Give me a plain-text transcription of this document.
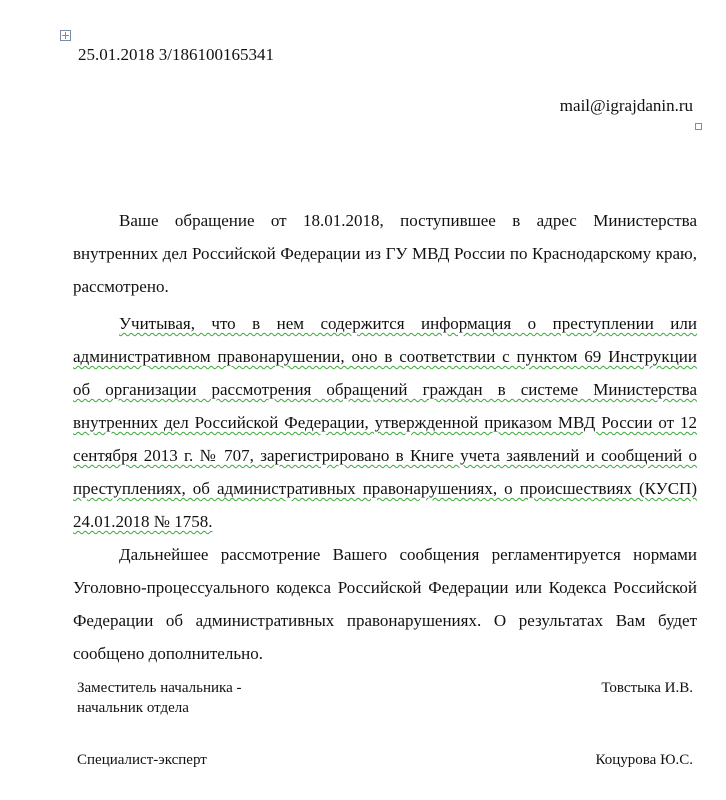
25.01.2018 3/186100165341
mail@igrajdanin.ru

Ваше обращение от 18.01.2018, поступившее в адрес Министерства внутренних дел Российской Федерации из ГУ МВД России по Краснодарскому краю, рассмотрено.

Учитывая, что в нем содержится информация о преступлении или административном правонарушении, оно в соответствии с пунктом 69 Инструкции об организации рассмотрения обращений граждан в системе Министерства внутренних дел Российской Федерации, утвержденной приказом МВД России от 12 сентября 2013 г. № 707, зарегистрировано в Книге учета заявлений и сообщений о преступлениях, об административных правонарушениях, о происшествиях (КУСП) 24.01.2018 № 1758.

Дальнейшее рассмотрение Вашего сообщения регламентируется нормами Уголовно-процессуального кодекса Российской Федерации или Кодекса Российской Федерации об административных правонарушениях. О результатах Вам будет сообщено дополнительно.

Заместитель начальника - начальник отдела
Товстыка И.В.
Специалист-эксперт	Коцурова Ю.С.
